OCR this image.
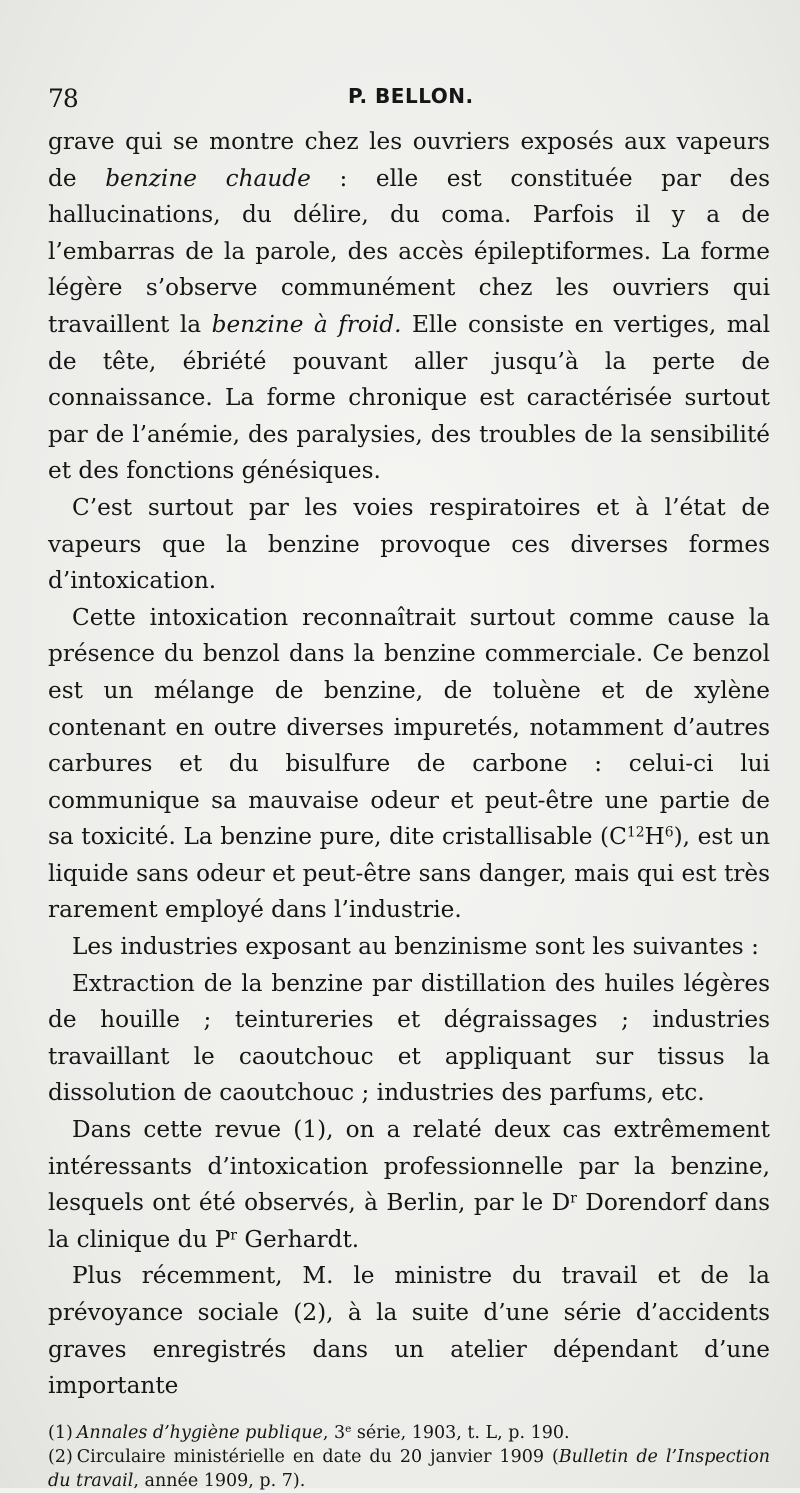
78	P. BELLON.

grave qui se montre chez les ouvriers exposés aux vapeurs de benzine chaude : elle est constituée par des hallucinations, du délire, du coma. Parfois il y a de l’embarras de la parole, des accès épileptiformes. La forme légère s’observe communément chez les ouvriers qui travaillent la benzine à froid. Elle consiste en vertiges, mal de tête, ébriété pouvant aller jusqu’à la perte de connaissance. La forme chronique est caractérisée surtout par de l’anémie, des paralysies, des troubles de la sensibilité et des fonctions génésiques.

C’est surtout par les voies respiratoires et à l’état de vapeurs que la benzine provoque ces diverses formes d’intoxication.

Cette intoxication reconnaîtrait surtout comme cause la présence du benzol dans la benzine commerciale. Ce benzol est un mélange de benzine, de toluène et de xylène contenant en outre diverses impuretés, notamment d’autres carbures et du bisulfure de carbone : celui-ci lui communique sa mauvaise odeur et peut-être une partie de sa toxicité. La benzine pure, dite cristallisable $(C^{12}H^6)$, est un liquide sans odeur et peut-être sans danger, mais qui est très rarement employé dans l’industrie.

Les industries exposant au benzinisme sont les suivantes :

Extraction de la benzine par distillation des huiles légères de houille ; teintureries et dégraissages ; industries travaillant le caoutchouc et appliquant sur tissus la dissolution de caoutchouc ; industries des parfums, etc.

Dans cette revue (1), on a relaté deux cas extrêmement intéressants d’intoxication professionnelle par la benzine, lesquels ont été observés, à Berlin, par le $D^r$ Dorendorf dans la clinique du $P^r$ Gerhardt.

Plus récemment, M. le ministre du travail et de la prévoyance sociale (2), à la suite d’une série d’accidents graves enregistrés dans un atelier dépendant d’une importante

(1) Annales d’hygiène publique, 3e série, 1903, t. L, p. 190.

(2) Circulaire ministérielle en date du 20 janvier 1909 (Bulletin de l’Inspection du travail, année 1909, p. 7).
